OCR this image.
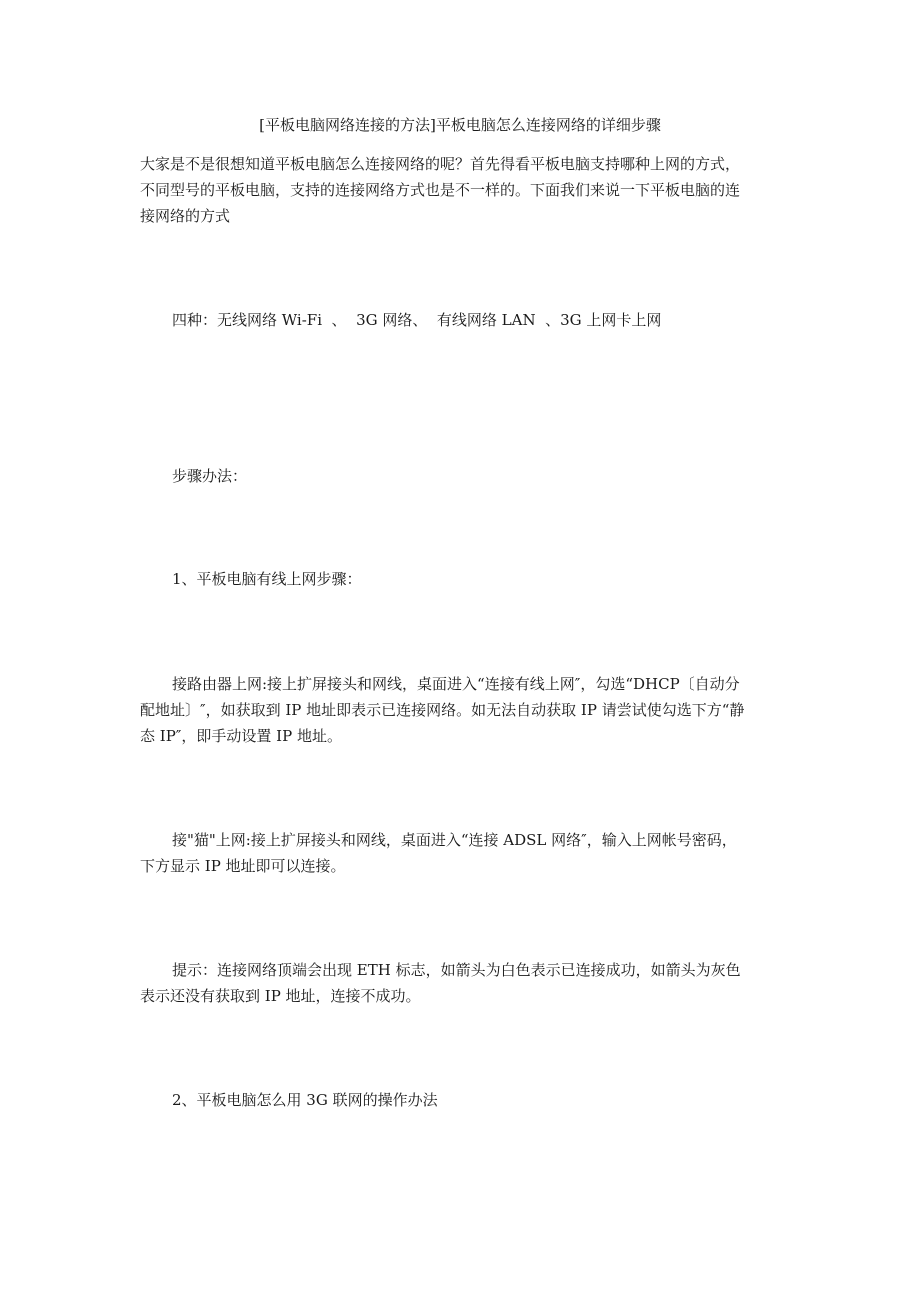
[平板电脑网络连接的方法]平板电脑怎么连接网络的详细步骤

大家是不是很想知道平板电脑怎么连接网络的呢？首先得看平板电脑支持哪种上网的方式，

不同型号的平板电脑，支持的连接网络方式也是不一样的。下面我们来说一下平板电脑的连

接网络的方式

四种：无线网络 Wi-Fi  、  3G 网络、  有线网络 LAN  、3G 上网卡上网

步骤办法：

1、平板电脑有线上网步骤：

接路由器上网:接上扩屏接头和网线，桌面进入“连接有线上网″，勾选“DHCP〔自动分

配地址〕″，如获取到 IP 地址即表示已连接网络。如无法自动获取 IP 请尝试使勾选下方“静

态 IP″，即手动设置 IP 地址。

接"猫"上网:接上扩屏接头和网线，桌面进入“连接 ADSL 网络″，输入上网帐号密码，

下方显示 IP 地址即可以连接。

提示：连接网络顶端会出现 ETH 标志，如箭头为白色表示已连接成功，如箭头为灰色

表示还没有获取到 IP 地址，连接不成功。

2、平板电脑怎么用 3G 联网的操作办法
